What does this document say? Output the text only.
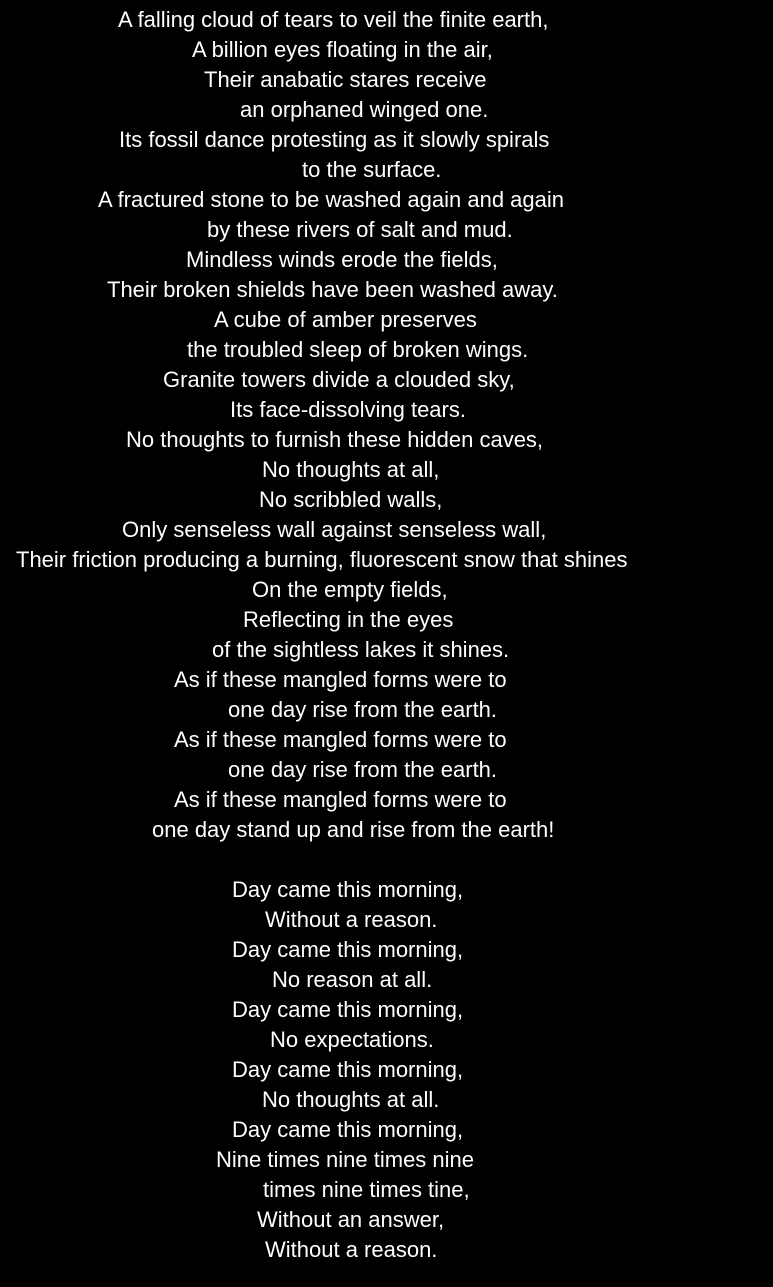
A falling cloud of tears to veil the finite earth,
A billion eyes floating in the air,
Their anabatic stares receive
an orphaned winged one.
Its fossil dance protesting as it slowly spirals
to the surface.
A fractured stone to be washed again and again
by these rivers of salt and mud.
Mindless winds erode the fields,
Their broken shields have been washed away.
A cube of amber preserves
the troubled sleep of broken wings.
Granite towers divide a clouded sky,
Its face-dissolving tears.
No thoughts to furnish these hidden caves,
No thoughts at all,
No scribbled walls,
Only senseless wall against senseless wall,
Their friction producing a burning, fluorescent snow that shines
On the empty fields,
Reflecting in the eyes
of the sightless lakes it shines.
As if these mangled forms were to
one day rise from the earth.
As if these mangled forms were to
one day rise from the earth.
As if these mangled forms were to
one day stand up and rise from the earth!
Day came this morning,
Without a reason.
Day came this morning,
No reason at all.
Day came this morning,
No expectations.
Day came this morning,
No thoughts at all.
Day came this morning,
Nine times nine times nine
times nine times tine,
Without an answer,
Without a reason.
